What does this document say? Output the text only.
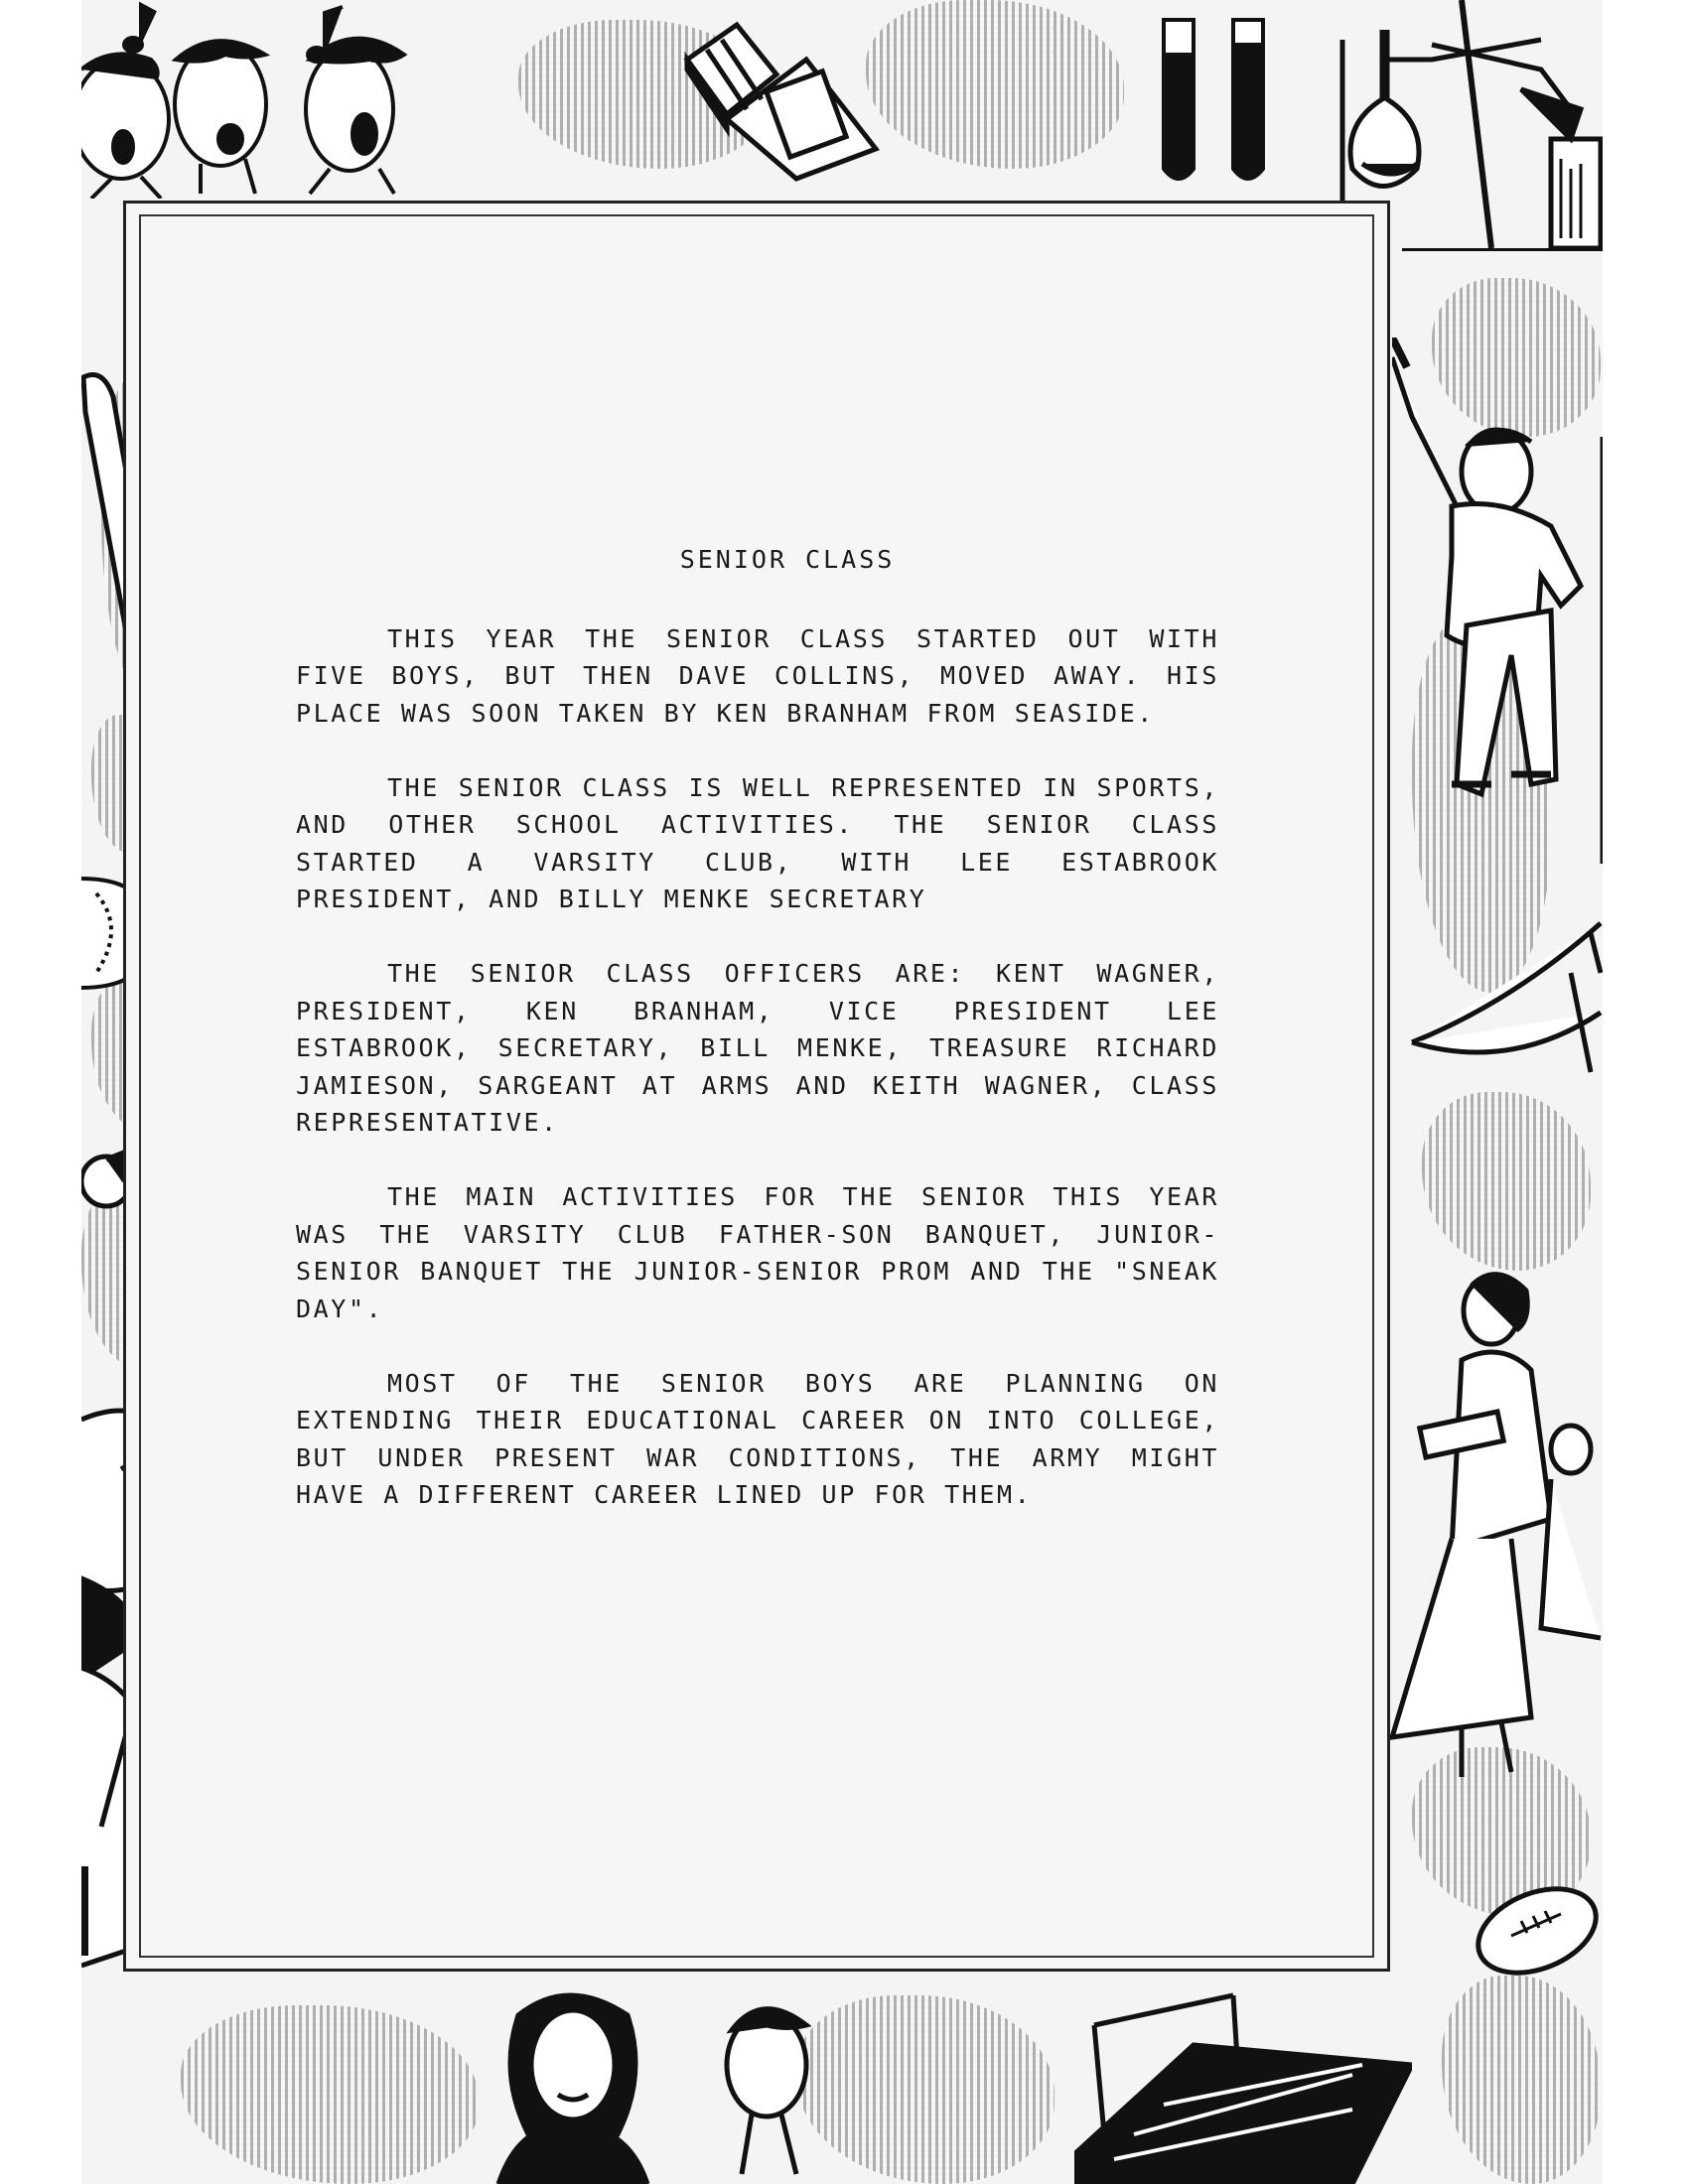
SENIOR CLASS

THIS YEAR THE SENIOR CLASS STARTED OUT WITH FIVE BOYS, BUT THEN DAVE COLLINS, MOVED AWAY. HIS PLACE WAS SOON TAKEN BY KEN BRANHAM FROM SEASIDE.

THE SENIOR CLASS IS WELL REPRESENTED IN SPORTS, AND OTHER SCHOOL ACTIVITIES. THE SENIOR CLASS STARTED A VARSITY CLUB, WITH LEE ESTABROOK PRESIDENT, AND BILLY MENKE SECRETARY

THE SENIOR CLASS OFFICERS ARE: KENT WAGNER, PRESIDENT, KEN BRANHAM, VICE PRESIDENT LEE ESTABROOK, SECRETARY, BILL MENKE, TREASURE RICHARD JAMIESON, SARGEANT AT ARMS AND KEITH WAGNER, CLASS REPRESENTATIVE.

THE MAIN ACTIVITIES FOR THE SENIOR THIS YEAR WAS THE VARSITY CLUB FATHER-SON BANQUET, JUNIOR-SENIOR BANQUET THE JUNIOR-SENIOR PROM AND THE "SNEAK DAY".

MOST OF THE SENIOR BOYS ARE PLANNING ON EXTENDING THEIR EDUCATIONAL CAREER ON INTO COLLEGE, BUT UNDER PRESENT WAR CONDITIONS, THE ARMY MIGHT HAVE A DIFFERENT CAREER LINED UP FOR THEM.
